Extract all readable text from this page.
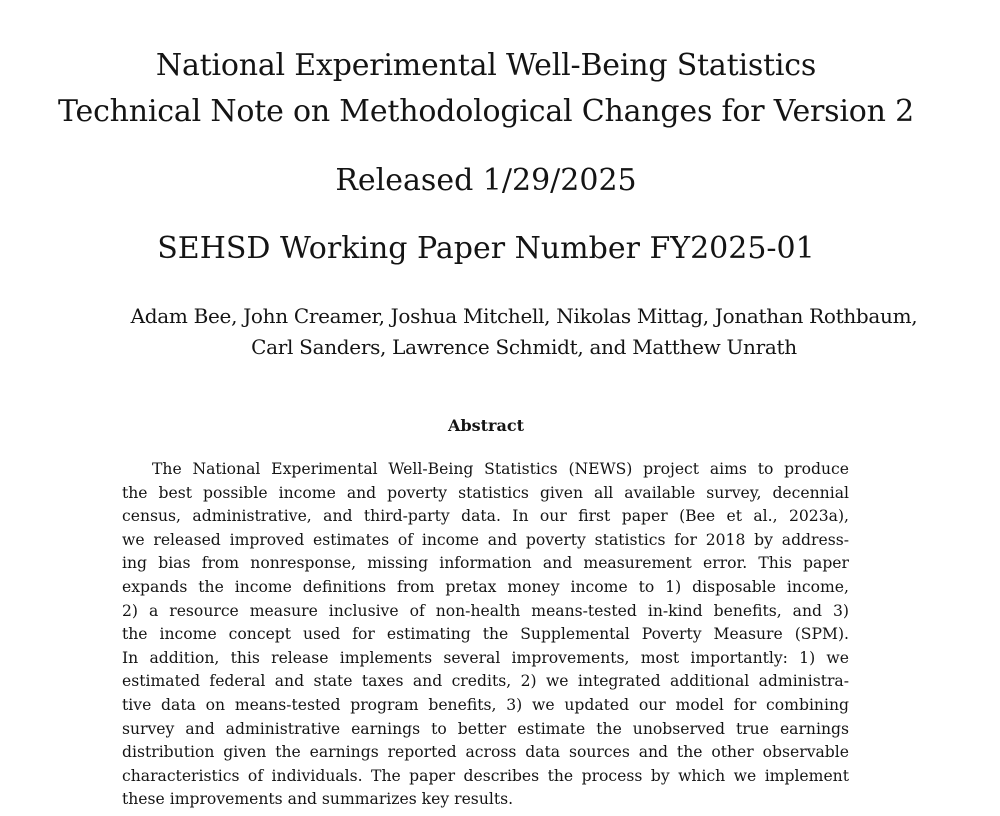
National Experimental Well-Being Statistics
Technical Note on Methodological Changes for Version 2
Released 1/29/2025
SEHSD Working Paper Number FY2025-01
Adam Bee, John Creamer, Joshua Mitchell, Nikolas Mittag, Jonathan Rothbaum,
Carl Sanders, Lawrence Schmidt, and Matthew Unrath
Abstract
The National Experimental Well-Being Statistics (NEWS) project aims to produce
the best possible income and poverty statistics given all available survey, decennial
census, administrative, and third-party data. In our first paper (Bee et al., 2023a),
we released improved estimates of income and poverty statistics for 2018 by address-
ing bias from nonresponse, missing information and measurement error. This paper
expands the income definitions from pretax money income to 1) disposable income,
2) a resource measure inclusive of non-health means-tested in-kind benefits, and 3)
the income concept used for estimating the Supplemental Poverty Measure (SPM).
In addition, this release implements several improvements, most importantly: 1) we
estimated federal and state taxes and credits, 2) we integrated additional administra-
tive data on means-tested program benefits, 3) we updated our model for combining
survey and administrative earnings to better estimate the unobserved true earnings
distribution given the earnings reported across data sources and the other observable
characteristics of individuals. The paper describes the process by which we implement
these improvements and summarizes key results.
